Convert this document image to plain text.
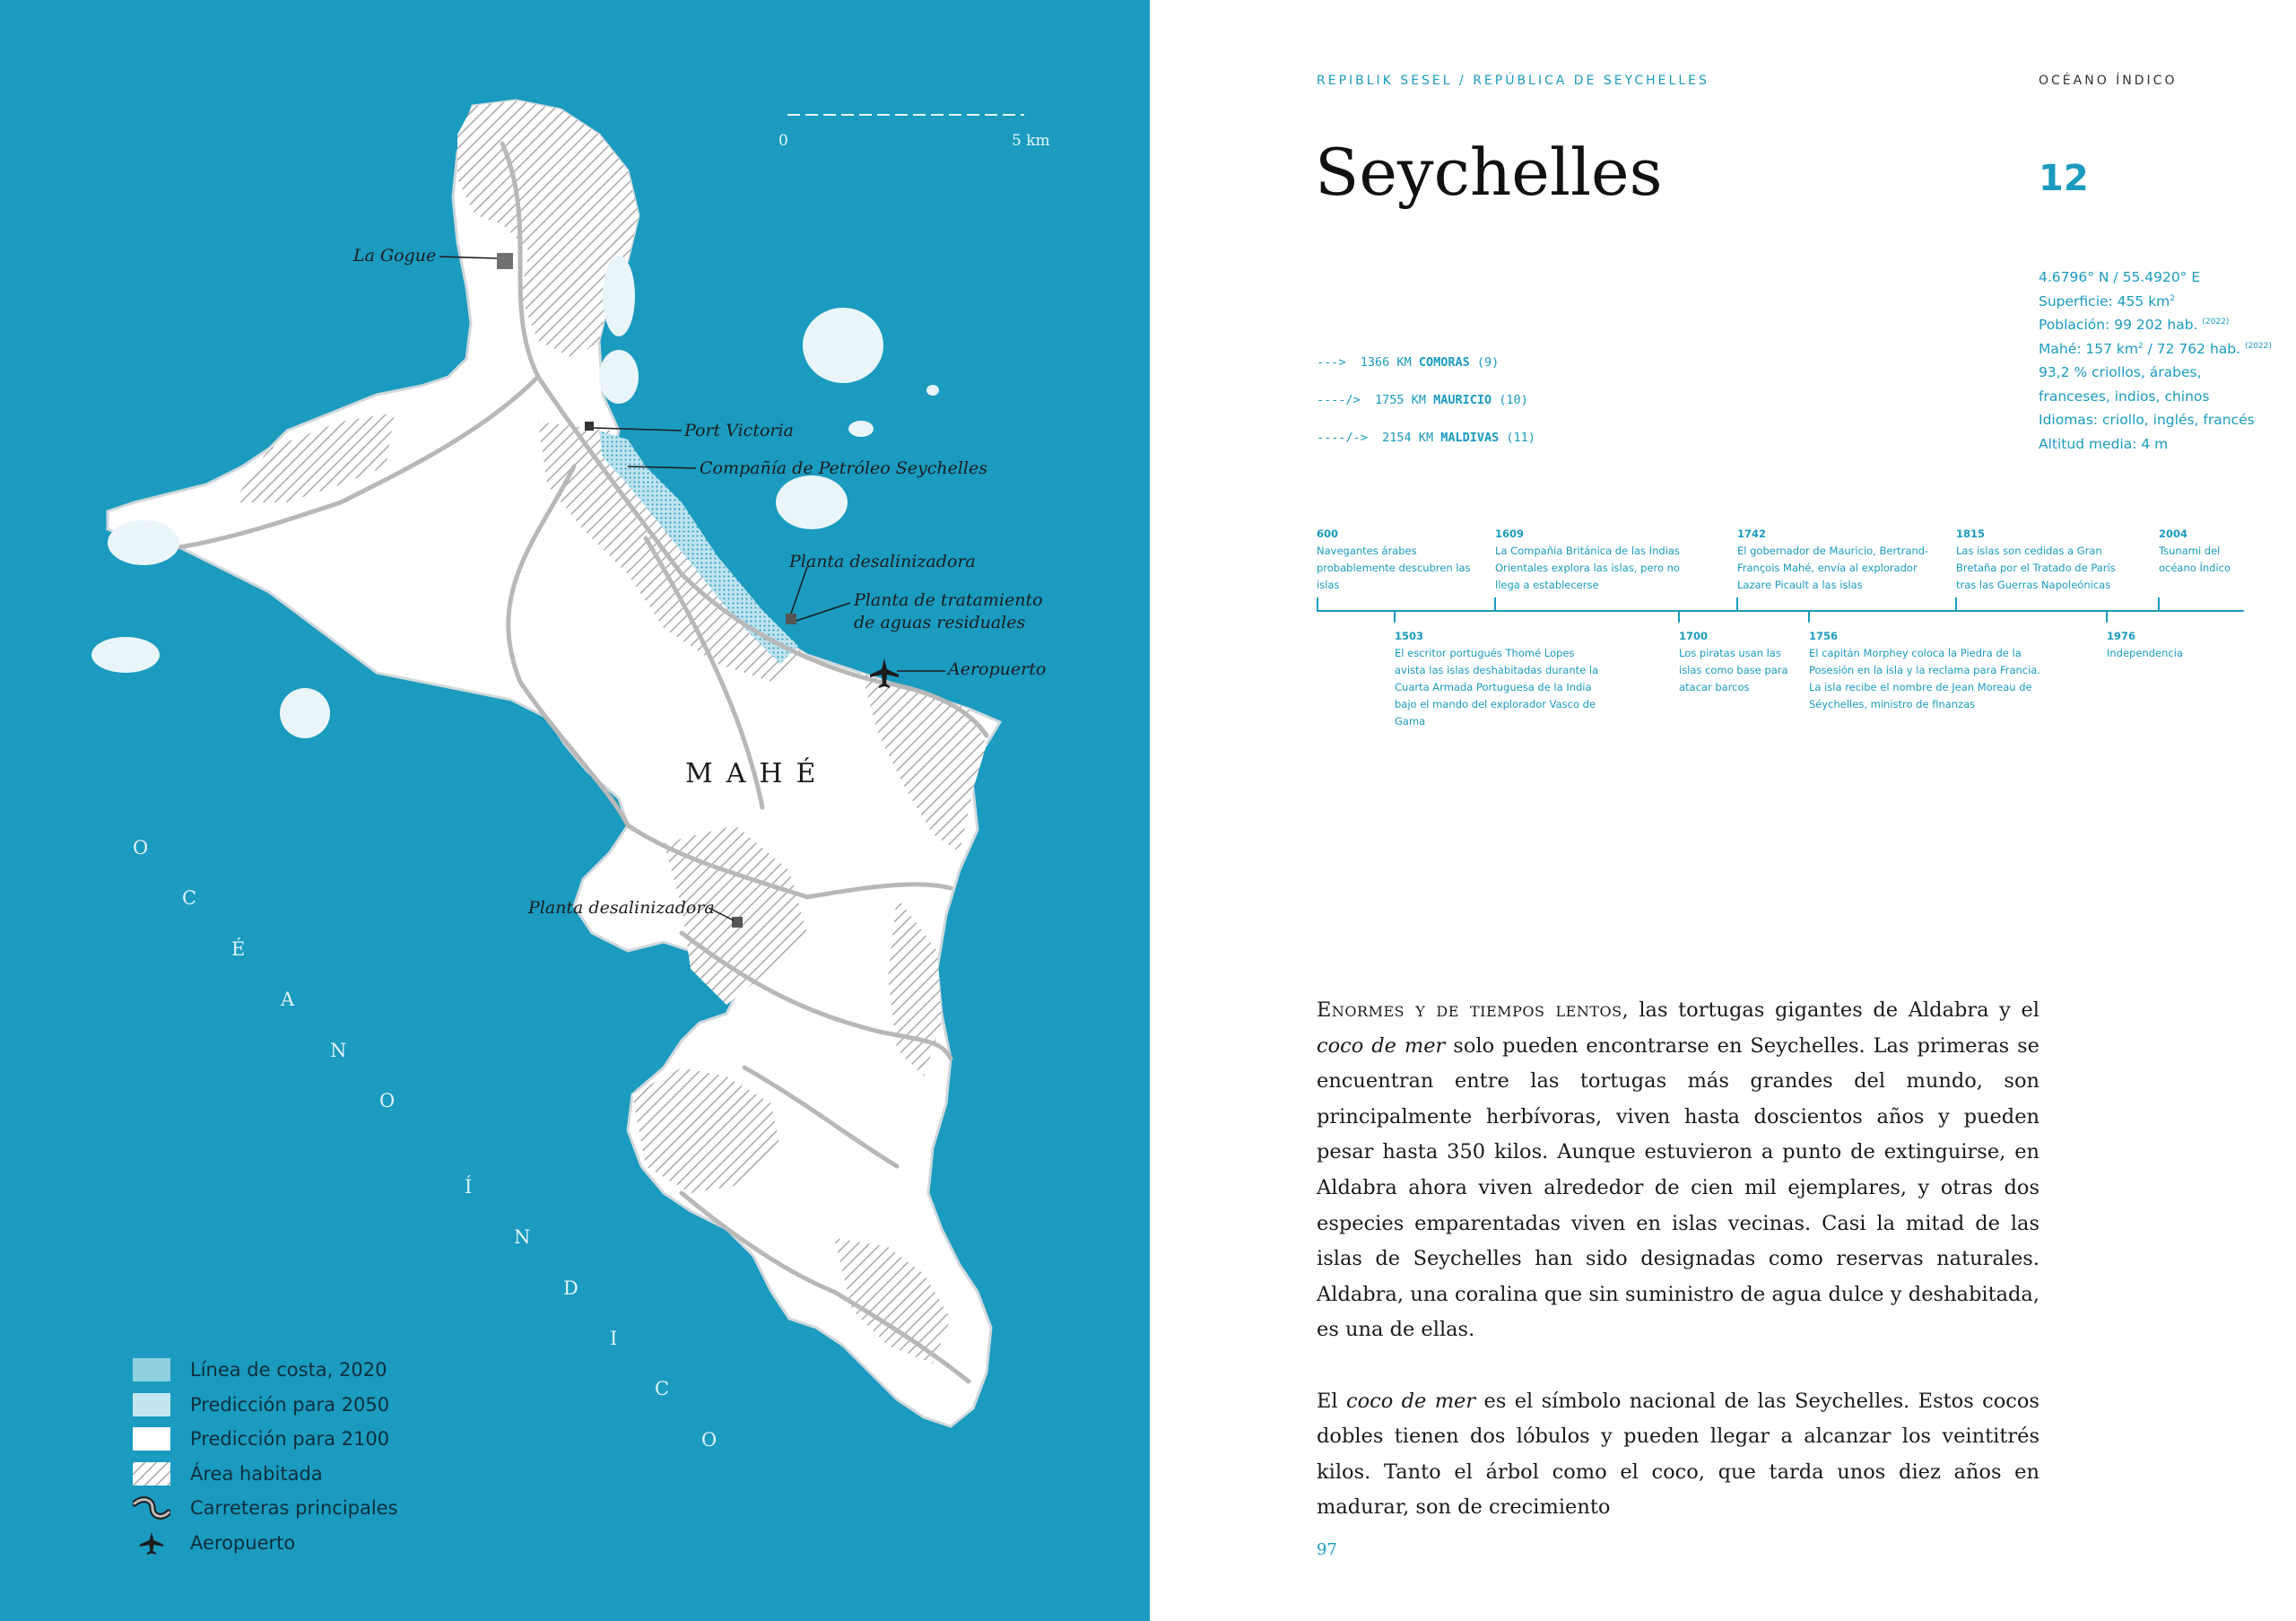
0	5 km
La Gogue
Port Victoria
Compañía de Petróleo Seychelles
Planta desalinizadora
Planta de tratamiento
de aguas residuales
Aeropuerto
Planta desalinizadora
MAHÉ
O
C
É
A
N
O
Í
N
D
I
C
O
Línea de costa, 2020
Predicción para 2050
Predicción para 2100
Área habitada
Carreteras principales
Aeropuerto
REPIBLIK SESEL / REPÚBLICA DE SEYCHELLES	OCÉANO ÍNDICO
Seychelles	12
4.6796° N / 55.4920° E
Superficie: 455 $km^2$
Población: 99 202 hab. $^{(2022)}$
Mahé: 157 $km^2 / 72$ 762 hab. $^{(2022)}$
93,2 % criollos, árabes,
franceses, indios, chinos
Idiomas: criollo, inglés, francés
Altitud media: 4 m
---> 1366 KM COMORAS (9)
----/> 1755 KM MAURICIO (10)
----/-> 2154 KM MALDIVAS (11)
600
Navegantes árabes probablemente descubren las islas
1609
La Compañía Británica de las Indias Orientales explora las islas, pero no llega a establecerse
1742
El gobernador de Mauricio, Bertrand-François Mahé, envía al explorador Lazare Picault a las islas
1815
Las islas son cedidas a Gran Bretaña por el Tratado de París tras las Guerras Napoleónicas
2004
Tsunami del océano Índico
1503
El escritor portugués Thomé Lopes avista las islas deshabitadas durante la Cuarta Armada Portuguesa de la India bajo el mando del explorador Vasco de Gama
1700
Los piratas usan las islas como base para atacar barcos
1756
El capitán Morphey coloca la Piedra de la Posesión en la isla y la reclama para Francia. La isla recibe el nombre de Jean Moreau de Séychelles, ministro de finanzas
1976
Independencia

Enormes y de tiempos lentos, las tortugas gigantes de Aldabra y el coco de mer solo pueden encontrarse en Seychelles. Las primeras se encuentran entre las tortugas más grandes del mundo, son principalmente herbívoras, viven hasta doscientos años y pueden pesar hasta 350 kilos. Aunque estuvieron a punto de extinguirse, en Aldabra ahora viven alrededor de cien mil ejemplares, y otras dos especies emparentadas viven en islas vecinas. Casi la mitad de las islas de Seychelles han sido designadas como reservas naturales. Aldabra, una coralina que sin suministro de agua dulce y deshabitada, es una de ellas.

El coco de mer es el símbolo nacional de las Seychelles. Estos cocos dobles tienen dos lóbulos y pueden llegar a alcanzar los veintitrés kilos. Tanto el árbol como el coco, que tarda unos diez años en madurar, son de crecimiento

97
